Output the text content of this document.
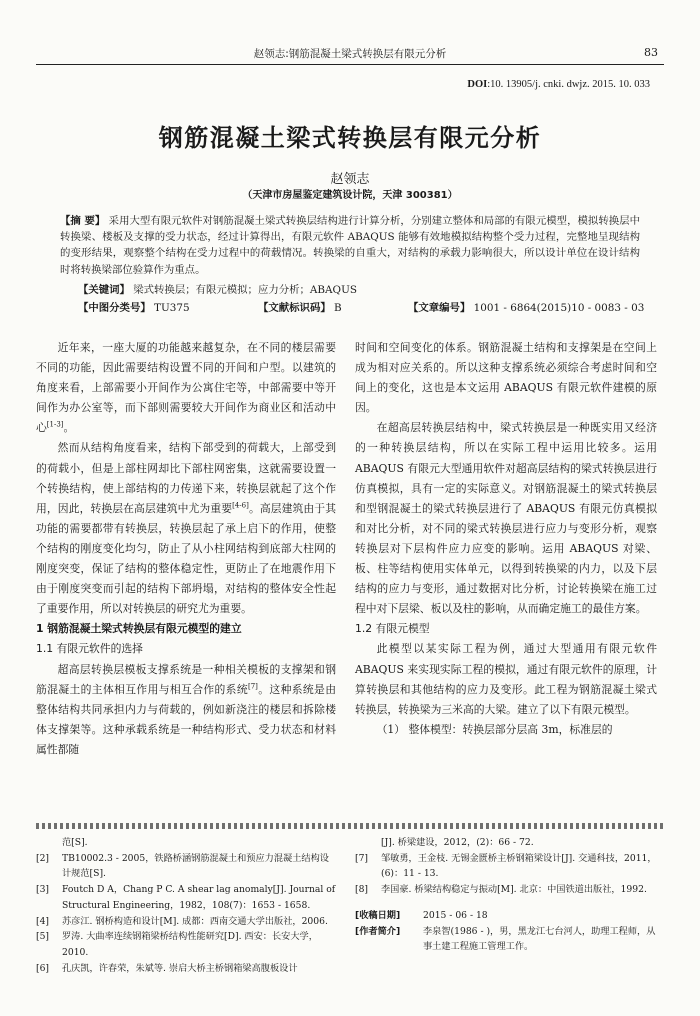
赵领志:钢筋混凝土梁式转换层有限元分析	83
DOI:10. 13905/j. cnki. dwjz. 2015. 10. 033
钢筋混凝土梁式转换层有限元分析
赵领志
（天津市房屋鉴定建筑设计院，天津 300381）
【摘 要】 采用大型有限元软件对钢筋混凝土梁式转换层结构进行计算分析，分别建立整体和局部的有限元模型，模拟转换层中转换梁、楼板及支撑的受力状态，经过计算得出，有限元软件 ABAQUS 能够有效地模拟结构整个受力过程，完整地呈现结构的变形结果，观察整个结构在受力过程中的荷载情况。转换梁的自重大，对结构的承载力影响很大，所以设计单位在设计结构时将转换梁部位验算作为重点。
【关键词】 梁式转换层；有限元模拟；应力分析；ABAQUS
【中图分类号】 TU375	【文献标识码】 B	【文章编号】 1001 - 6864(2015)10 - 0083 - 03

近年来，一座大厦的功能越来越复杂，在不同的楼层需要不同的功能，因此需要结构设置不同的开间和户型。以建筑的角度来看，上部需要小开间作为公寓住宅等，中部需要中等开间作为办公室等，而下部则需要较大开间作为商业区和活动中心[1-3]。

然而从结构角度看来，结构下部受到的荷载大，上部受到的荷载小，但是上部柱网却比下部柱网密集，这就需要设置一个转换结构，使上部结构的力传递下来，转换层就起了这个作用，因此，转换层在高层建筑中尤为重要[4-6]。高层建筑由于其功能的需要都带有转换层，转换层起了承上启下的作用，使整个结构的刚度变化均匀，防止了从小柱网结构到底部大柱网的刚度突变，保证了结构的整体稳定性，更防止了在地震作用下由于刚度突变而引起的结构下部坍塌，对结构的整体安全性起了重要作用，所以对转换层的研究尤为重要。

1 钢筋混凝土梁式转换层有限元模型的建立
1.1 有限元软件的选择

超高层转换层模板支撑系统是一种相关模板的支撑架和钢筋混凝土的主体相互作用与相互合作的系统[7]。这种系统是由整体结构共同承担内力与荷载的，例如新浇注的楼层和拆除楼体支撑架等。这种承载系统是一种结构形式、受力状态和材料属性都随

时间和空间变化的体系。钢筋混凝土结构和支撑架是在空间上成为相对应关系的。所以这种支撑系统必须综合考虑时间和空间上的变化，这也是本文运用 ABAQUS 有限元软件建模的原因。

在超高层转换层结构中，梁式转换层是一种既实用又经济的一种转换层结构，所以在实际工程中运用比较多。运用 ABAQUS 有限元大型通用软件对超高层结构的梁式转换层进行仿真模拟，具有一定的实际意义。对钢筋混凝土的梁式转换层和型钢混凝土的梁式转换层进行了 ABAQUS 有限元仿真模拟和对比分析，对不同的梁式转换层进行应力与变形分析，观察转换层对下层构件应力应变的影响。运用 ABAQUS 对梁、板、柱等结构使用实体单元，以得到转换梁的内力，以及下层结构的应力与变形，通过数据对比分析，讨论转换梁在施工过程中对下层梁、板以及柱的影响，从而确定施工的最佳方案。

1.2 有限元模型

此模型以某实际工程为例，通过大型通用有限元软件 ABAQUS 来实现实际工程的模拟，通过有限元软件的原理，计算转换层和其他结构的应力及变形。此工程为钢筋混凝土梁式转换层，转换梁为三米高的大梁。建立了以下有限元模型。

（1） 整体模型：转换层部分层高 3m，标准层的

范[S].
[2]	TB10002.3 - 2005，铁路桥涵钢筋混凝土和预应力混凝土结构设计规范[S].
[3]	Foutch D A，Chang P C. A shear lag anomaly[J]. Journal of Structural Engineering，1982，108(7)：1653 - 1658.
[4]	苏彦江. 钢桥构造和设计[M]. 成都：西南交通大学出版社，2006.
[5]	罗涛. 大曲率连续钢箱梁桥结构性能研究[D]. 西安：长安大学，2010.
[6]	孔庆凯，许春荣，朱斌等. 崇启大桥主桥钢箱梁高腹板设计
[J]. 桥梁建设，2012，(2)：66 - 72.
[7]	邹敏勇，王金枝. 无锡金匮桥主桥钢箱梁设计[J]. 交通科技，2011，(6)：11 - 13.
[8]	李国豪. 桥梁结构稳定与振动[M]. 北京：中国铁道出版社，1992.
[收稿日期]	2015 - 06 - 18
[作者简介]	李泉智(1986 - )，男，黑龙江七台河人，助理工程师，从事土建工程施工管理工作。
